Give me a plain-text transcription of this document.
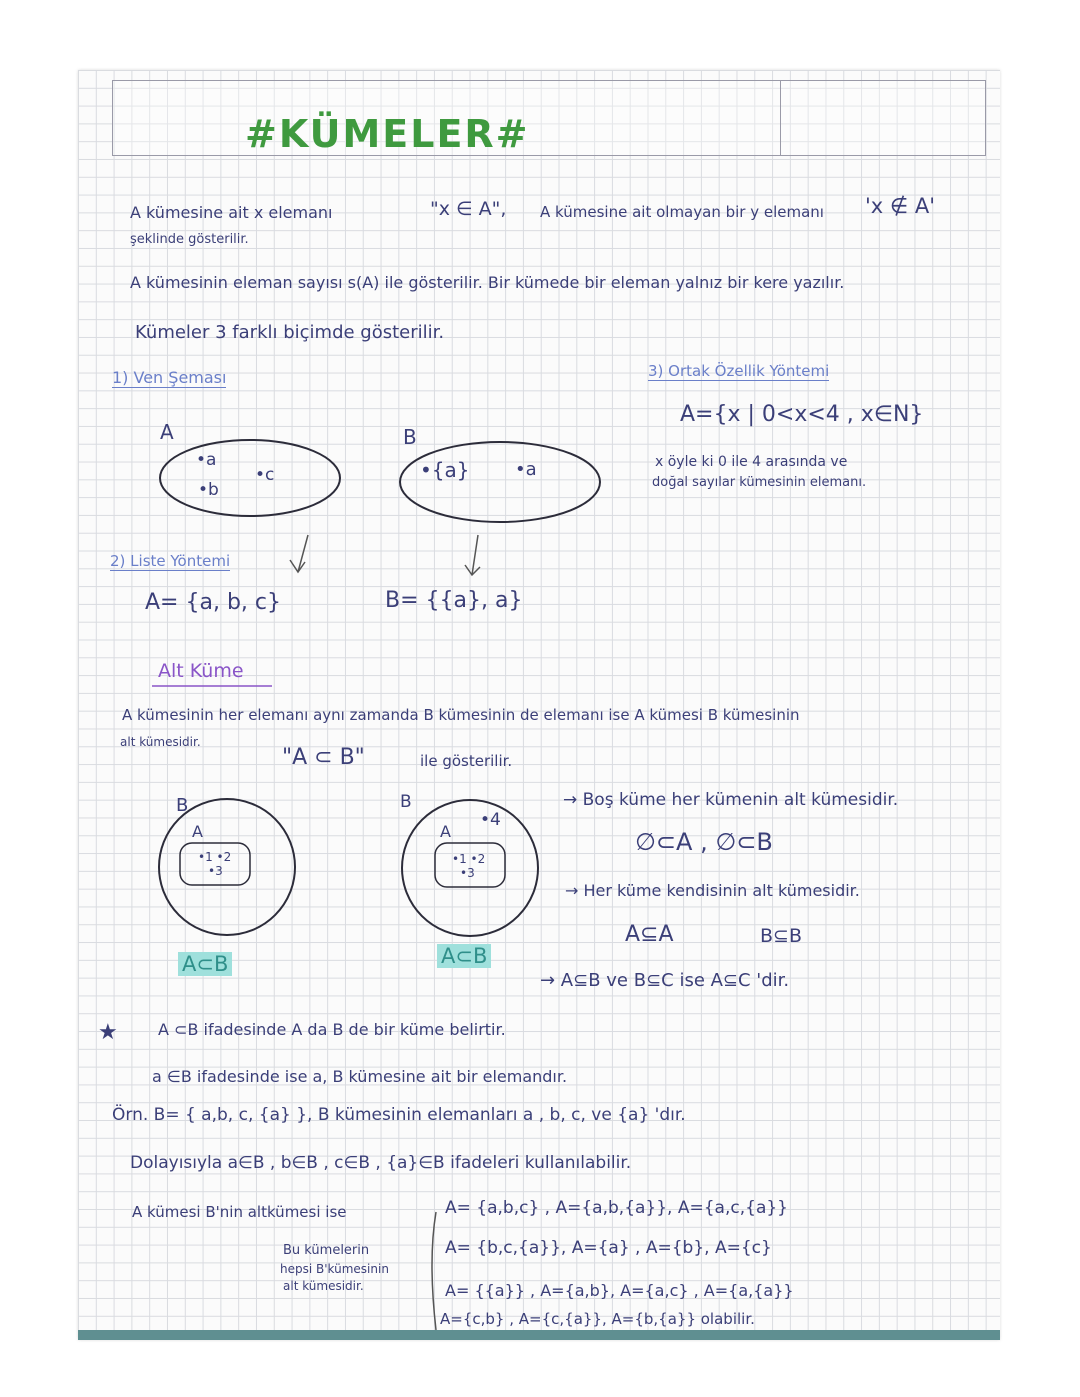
#KÜMELER#
A kümesine ait x elemanı	"x ∈ A", A kümesine ait olmayan bir y elemanı 'x ∉ A'
şeklinde gösterilir.
A kümesinin eleman sayısı s(A) ile gösterilir. Bir kümede bir eleman yalnız bir kere yazılır.
Kümeler 3 farklı biçimde gösterilir.
1) Ven Şeması	3) Ortak Özellik Yöntemi
A={x | 0<x<4 , x∈N}
x öyle ki 0 ile 4 arasında ve
doğal sayılar kümesinin elemanı.
A	B
•a
•b
•c	•{a}	•a
2) Liste Yöntemi
A= {a, b, c}	B= {{a}, a}
Alt Küme
A kümesinin her elemanı aynı zamanda B kümesinin de elemanı ise A kümesi B kümesinin
alt kümesidir.
"A ⊂ B"	ile gösterilir.
B
A
•1 •2
•3
B
•4
A
•1 •2
•3
A⊂B	A⊂B
→ Boş küme her kümenin alt kümesidir.
∅⊂A , ∅⊂B
→ Her küme kendisinin alt kümesidir.
A⊆A	B⊆B
→ A⊆B ve B⊆C ise A⊆C 'dir.
★	A ⊂B ifadesinde A da B de bir küme belirtir.
a ∈B ifadesinde ise a, B kümesine ait bir elemandır.
Örn. B= { a,b, c, {a} }, B kümesinin elemanları a , b, c, ve {a} 'dır.
Dolayısıyla a∈B , b∈B , c∈B , {a}∈B ifadeleri kullanılabilir.
A kümesi B'nin altkümesi ise	A= {a,b,c} , A={a,b,{a}}, A={a,c,{a}}
Bu kümelerin
hepsi B'kümesinin
alt kümesidir.
A= {b,c,{a}}, A={a} , A={b}, A={c}
A= {{a}} , A={a,b}, A={a,c} , A={a,{a}}
A={c,b} , A={c,{a}}, A={b,{a}} olabilir.
